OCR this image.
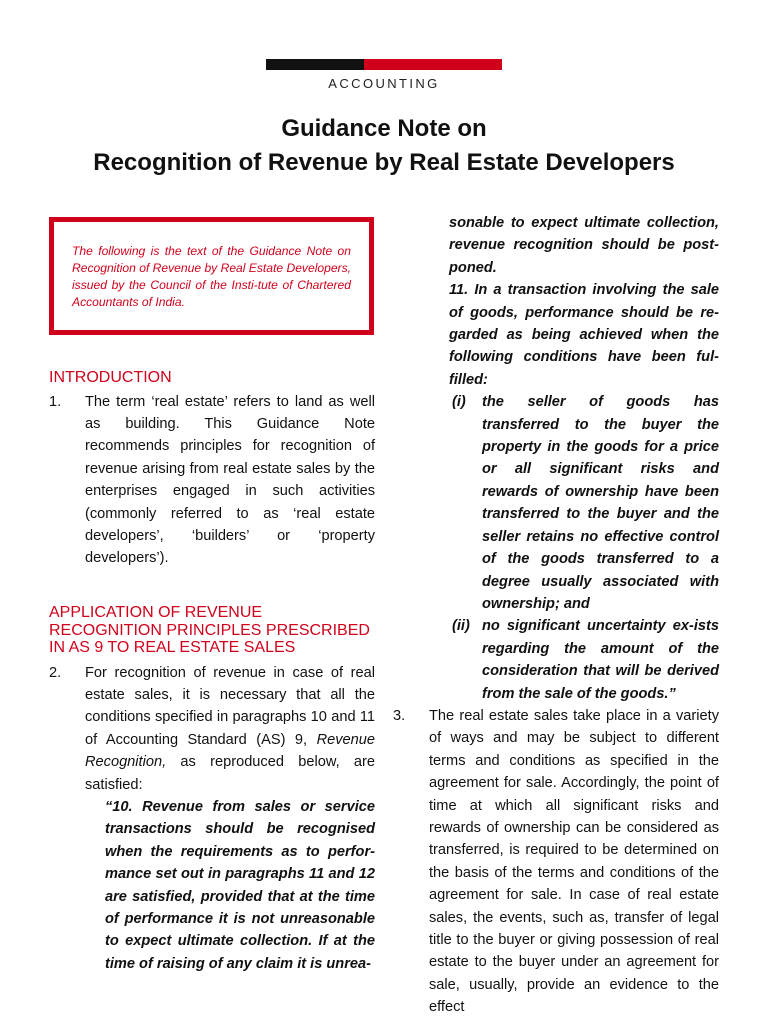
ACCOUNTING
Guidance Note on
Recognition of Revenue by Real Estate Developers

The following is the text of the Guidance Note on Recognition of Revenue by Real Estate Developers, issued by the Council of the Insti-tute of Chartered Accountants of India.

INTRODUCTION
1.	The term ‘real estate’ refers to land as well as building. This Guidance Note recommends principles for recognition of revenue arising from real estate sales by the enterprises engaged in such activities (commonly referred to as ‘real estate developers’, ‘builders’ or ‘property developers’).
APPLICATION OF REVENUE RECOGNITION PRINCIPLES PRESCRIBED IN AS 9 TO REAL ESTATE SALES
2.	For recognition of revenue in case of real estate sales, it is necessary that all the conditions specified in paragraphs 10 and 11 of Accounting Standard (AS) 9, Revenue Recognition, as reproduced below, are satisfied:
“10. Revenue from sales or service transactions should be recognised when the requirements as to perfor-mance set out in paragraphs 11 and 12 are satisfied, provided that at the time of performance it is not unreasonable to expect ultimate collection. If at the time of raising of any claim it is unrea-
sonable to expect ultimate collection, revenue recognition should be post-poned.
11. In a transaction involving the sale of goods, performance should be re-garded as being achieved when the following conditions have been ful-filled:
(i)	the seller of goods has transferred to the buyer the property in the goods for a price or all significant risks and rewards of ownership have been transferred to the buyer and the seller retains no effective control of the goods transferred to a degree usually associated with ownership; and
(ii) no significant uncertainty ex-ists regarding the amount of the consideration that will be derived from the sale of the goods.”
3.	The real estate sales take place in a variety of ways and may be subject to different terms and conditions as specified in the agreement for sale. Accordingly, the point of time at which all significant risks and rewards of ownership can be considered as transferred, is required to be determined on the basis of the terms and conditions of the agreement for sale. In case of real estate sales, the events, such as, transfer of legal title to the buyer or giving possession of real estate to the buyer under an agreement for sale, usually, provide an evidence to the effect
